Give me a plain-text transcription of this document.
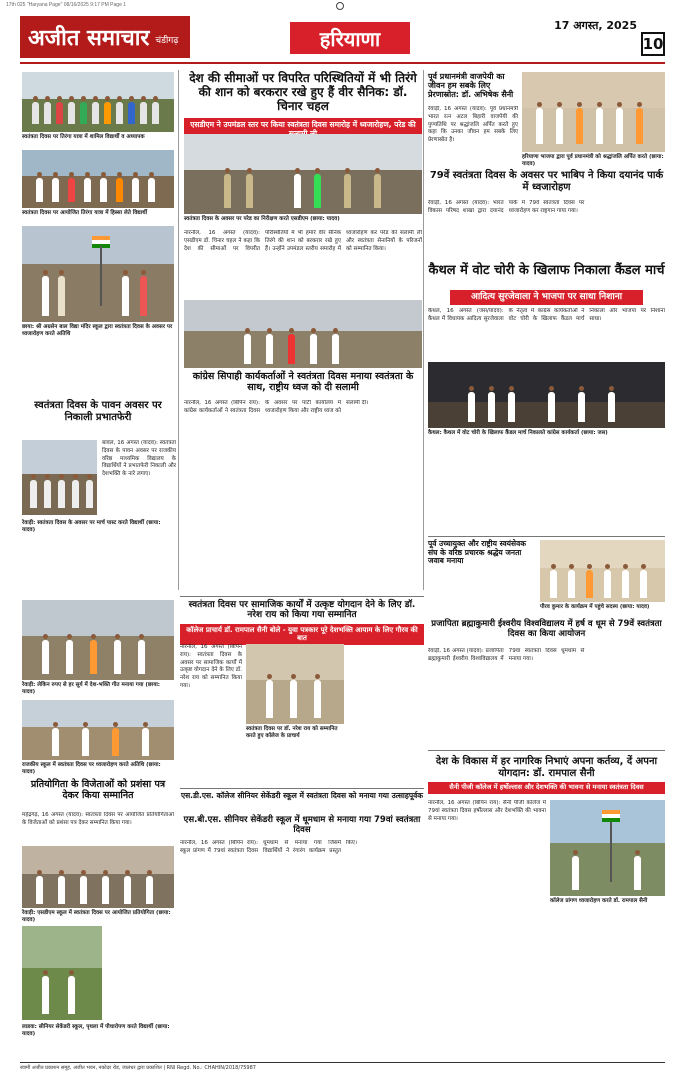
17th 025 "Haryana Page" 08/16/2025 9:17 PM Page 1
अजीत समाचार चंडीगढ़	हरियाणा
17 अगस्त, 2025
10
स्वतंत्रता दिवस पर तिरंगा यात्रा में शामिल विद्यार्थी व अध्यापक
स्वतंत्रता दिवस पर आयोजित तिरंगा यात्रा में हिस्सा लेते विद्यार्थी
छाया: श्री अग्रसेन बाल विद्या मंदिर स्कूल द्वारा स्वतंत्रता दिवस के अवसर पर ध्वजारोहण करते अतिथि
स्वतंत्रता दिवस के पावन अवसर पर निकाली प्रभातफेरी
बावल, 16 अगस्त (यादव): स्वतंत्रता दिवस के पावन अवसर पर राजकीय वरिष्ठ माध्यमिक विद्यालय के विद्यार्थियों ने प्रभातफेरी निकाली और देशभक्ति के नारे लगाए।
रेवाड़ी: स्वतंत्रता दिवस के अवसर पर मार्च पास्ट करते विद्यार्थी (छाया: यादव)
देश की सीमाओं पर विपरित परिस्थितियों में भी तिरंगे की शान को बरकरार रखे हुए हैं वीर सैनिक: डॉ. चिनार चहल
एसडीएम ने उपमंडल स्तर पर किया स्वतंत्रता दिवस समारोह में ध्वजारोहण, परेड की
स्वतंत्रता दिवस के अवसर पर परेड का निरीक्षण करते एसडीएम (छाया: यादव)
नारनौल, 16 अगस्त (यादव): एसडीएम डॉ. चिनार चहल ने कहा कि देश की सीमाओं पर विपरीत परिस्थितियों में भी हमारे वीर सैनिक तिरंगे की शान को बरकरार रखे हुए हैं। उन्होंने उपमंडल स्तरीय समारोह में ध्वजारोहण कर परेड की सलामी ली और स्वतंत्रता सेनानियों के परिजनों को सम्मानित किया।
कांग्रेस सिपाही कार्यकर्ताओं ने स्वतंत्रता दिवस मनाया स्वतंत्रता के साथ, राष्ट्रीय ध्वज को दी सलामी
नारनौल, 16 अगस्त (बिपिन राय): कांग्रेस कार्यकर्ताओं ने स्वतंत्रता दिवस के अवसर पर पार्टी कार्यालय में ध्वजारोहण किया और राष्ट्रीय ध्वज को सलामी दी।
पूर्व प्रधानमंत्री वाजपेयी का जीवन हम सबके लिए प्रेरणास्रोत: डॉ. अभिषेक सैनी
रेवाड़ी, 16 अगस्त (यादव): पूर्व प्रधानमंत्री भारत रत्न अटल बिहारी वाजपेयी की पुण्यतिथि पर श्रद्धांजलि अर्पित करते हुए कहा कि उनका जीवन हम सबके लिए प्रेरणास्रोत है।
हरियाणा भाजपा द्वारा पूर्व प्रधानमंत्री को श्रद्धांजलि अर्पित करते (छाया: यादव)
79वें स्वतंत्रता दिवस के अवसर पर भाबिप ने किया दयानंद पार्क में ध्वजारोहण
रेवाड़ी, 16 अगस्त (यादव): भारत विकास परिषद शाखा द्वारा दयानंद पार्क में 79वें स्वतंत्रता दिवस पर ध्वजारोहण कर राष्ट्रगान गाया गया।
कैथल में वोट चोरी के खिलाफ निकाला कैंडल मार्च
आदित्य सुरजेवाला ने भाजपा पर साधा निशाना
कैथल, 16 अगस्त (जस/यादव): कैथल में विधायक आदित्य सुरजेवाला के नेतृत्व में कांग्रेस कार्यकर्ताओं ने वोट चोरी के खिलाफ कैंडल मार्च निकाला और भाजपा पर निशाना साधा।
कैथल: कैथल में वोट चोरी के खिलाफ कैंडल मार्च निकालते कांग्रेस कार्यकर्ता (छाया: जस)
पूर्व उच्चायुक्त और राष्ट्रीय स्वयंसेवक संघ के वरिष्ठ प्रचारक श्रद्धेय जनता जवाब मनाया
पौरव कुमार के कार्यक्रम में पहुंचे सदस्य (छाया: यादव)
प्रजापिता ब्रह्माकुमारी ईश्वरीय विश्वविद्यालय में हर्ष व धूम से 79वें स्वतंत्रता दिवस का किया आयोजन
रेवाड़ी, 16 अगस्त (यादव): प्रजापिता ब्रह्माकुमारी ईश्वरीय विश्वविद्यालय में 79वां स्वतंत्रता दिवस धूमधाम से मनाया गया।
स्वतंत्रता दिवस पर सामाजिक कार्यों में उत्कृष्ट योगदान देने के लिए डॉ. नरेश राय को किया गया सम्मानित
कॉलेज प्राचार्य डॉ. रामपाल सैनी बोले - युवा पत्रकार पूरे देशभक्ति आयाम के लिए गौरव की बात
रेवाड़ी: लेकिन रुपए से हर सूर्य में देश-भक्ति गीत मनाया गया (छाया: यादव)
नारनौल, 16 अगस्त (बिपिन राय): स्वतंत्रता दिवस के अवसर पर सामाजिक कार्यों में उत्कृष्ट योगदान देने के लिए डॉ. नरेश राय को सम्मानित किया गया।
स्वतंत्रता दिवस पर डॉ. नरेश राय को सम्मानित करते हुए कॉलेज के प्राचार्य
राजकीय स्कूल में स्वतंत्रता दिवस पर ध्वजारोहण करते अतिथि (छाया: यादव)
प्रतियोगिता के विजेताओं को प्रशंसा पत्र देकर किया सम्मानित
महेंद्रगढ़, 16 अगस्त (यादव): स्वतंत्रता दिवस पर आयोजित प्रतियोगिताओं के विजेताओं को प्रशंसा पत्र देकर सम्मानित किया गया।
रेवाड़ी: एसडीएम स्कूल में स्वतंत्रता दिवस पर आयोजित प्रतियोगिता (छाया: यादव)
लाडवा: सीनियर सेकेंडरी स्कूल, पृथला में पौधारोपण करते विद्यार्थी (छाया: यादव)
एस.डी.एस. कॉलेज सीनियर सेकेंडरी स्कूल में स्वतंत्रता दिवस को मनाया गया उत्साहपूर्वक
एस.बी.एस. सीनियर सेकेंडरी स्कूल में धूमधाम से मनाया गया 79वां स्वतंत्रता दिवस
नारनौल, 16 अगस्त (बिपिन राय): स्कूल प्रांगण में 79वां स्वतंत्रता दिवस धूमधाम से मनाया गया जिसमें विद्यार्थियों ने रंगारंग कार्यक्रम प्रस्तुत किए।
देश के विकास में हर नागरिक निभाएं अपना कर्तव्य, दें अपना योगदान: डॉ. रामपाल सैनी
सैनी पीजी कॉलेज में हर्षोल्लास और देशभक्ति की भावना से मनाया स्वतंत्रता दिवस
नारनौल, 16 अगस्त (बिपिन राय): सैनी पीजी कॉलेज में 79वां स्वतंत्रता दिवस हर्षोल्लास और देशभक्ति की भावना से मनाया गया।
कॉलेज प्रांगण ध्वजारोहण करते डॉ. रामपाल सैनी
स्वामी अजीत प्रकाशन समूह, अजीत भवन, नकोदर रोड, जालंधर द्वारा प्रकाशित | RNI Regd. No.: CHAHIN/2018/75987
